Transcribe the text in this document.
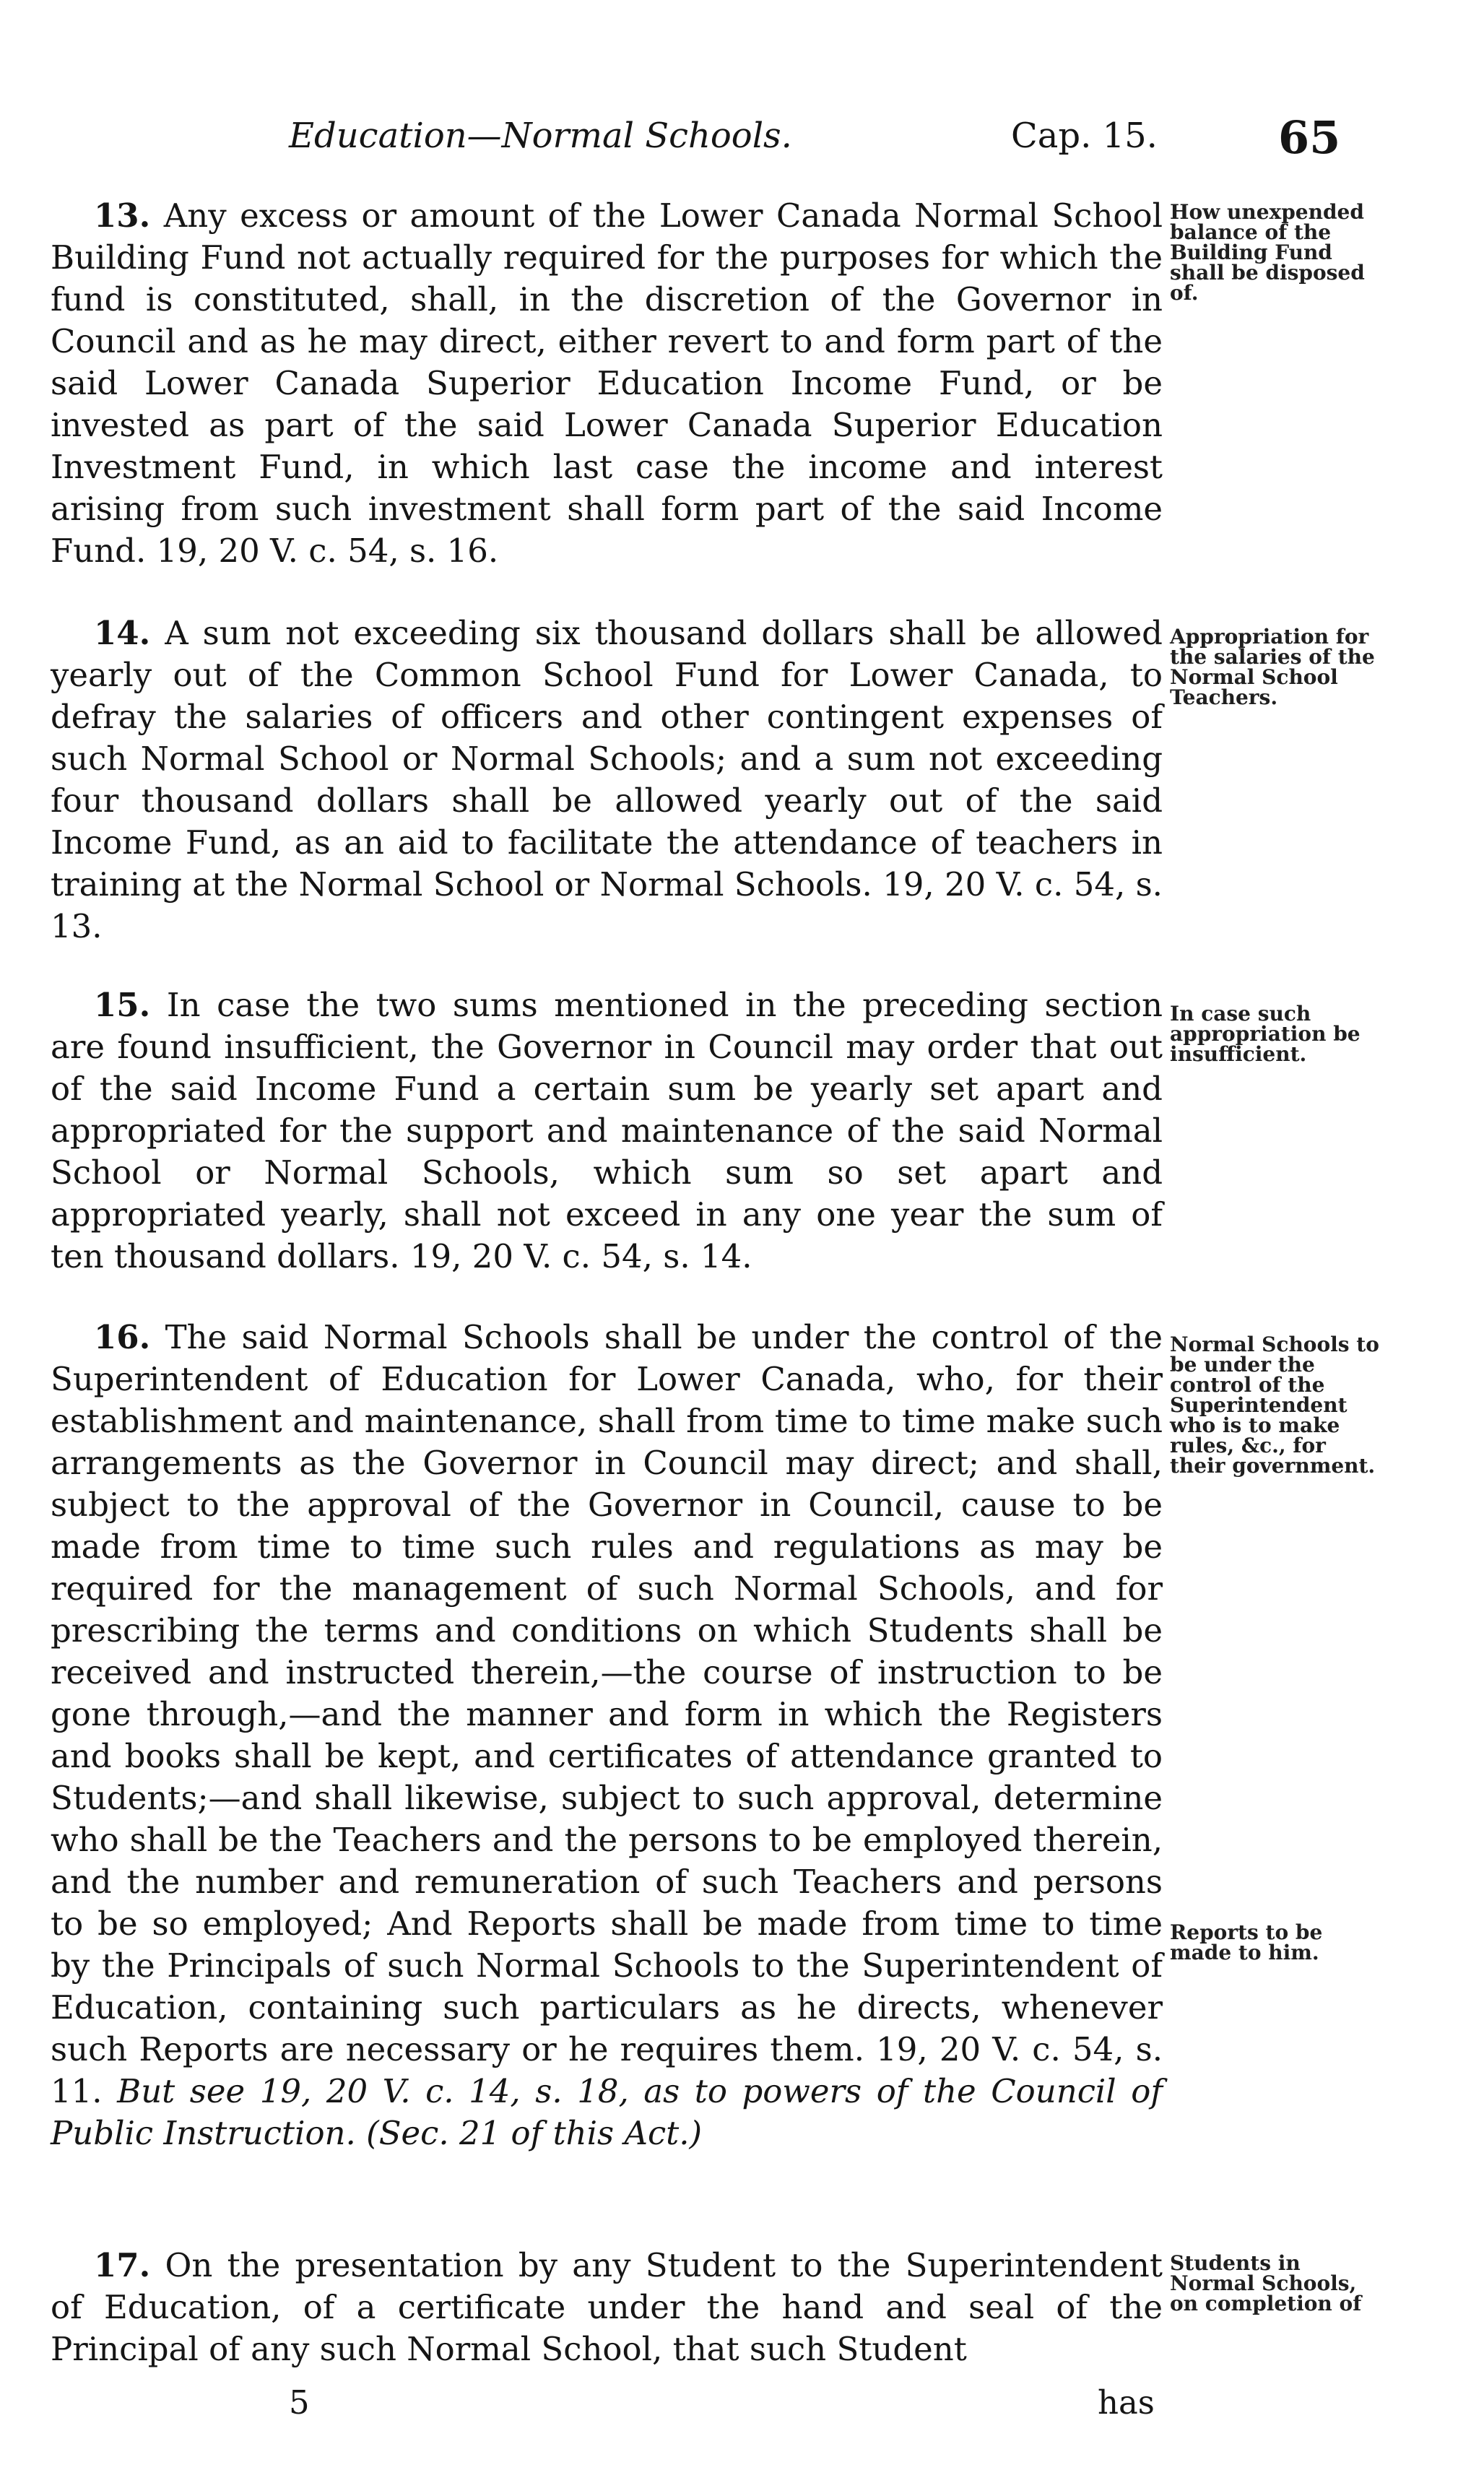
Education—Normal Schools.	Cap. 15.	65

13. Any excess or amount of the Lower Canada Normal School Building Fund not actually required for the purposes for which the fund is constituted, shall, in the discretion of the Governor in Council and as he may direct, either revert to and form part of the said Lower Canada Superior Education Income Fund, or be invested as part of the said Lower Canada Superior Education Investment Fund, in which last case the income and interest arising from such investment shall form part of the said Income Fund. 19, 20 V. c. 54, s. 16.

How unexpended balance of the Building Fund shall be disposed of.

14. A sum not exceeding six thousand dollars shall be allowed yearly out of the Common School Fund for Lower Canada, to defray the salaries of officers and other contingent expenses of such Normal School or Normal Schools; and a sum not exceeding four thousand dollars shall be allowed yearly out of the said Income Fund, as an aid to facilitate the attendance of teachers in training at the Normal School or Normal Schools. 19, 20 V. c. 54, s. 13.

Appropriation for the salaries of the Normal School Teachers.

15. In case the two sums mentioned in the preceding section are found insufficient, the Governor in Council may order that out of the said Income Fund a certain sum be yearly set apart and appropriated for the support and maintenance of the said Normal School or Normal Schools, which sum so set apart and appropriated yearly, shall not exceed in any one year the sum of ten thousand dollars. 19, 20 V. c. 54, s. 14.

In case such appropriation be insufficient.

16. The said Normal Schools shall be under the control of the Superintendent of Education for Lower Canada, who, for their establishment and maintenance, shall from time to time make such arrangements as the Governor in Council may direct; and shall, subject to the approval of the Governor in Council, cause to be made from time to time such rules and regulations as may be required for the management of such Normal Schools, and for prescribing the terms and conditions on which Students shall be received and instructed therein,—the course of instruction to be gone through,—and the manner and form in which the Registers and books shall be kept, and certificates of attendance granted to Students;—and shall likewise, subject to such approval, determine who shall be the Teachers and the persons to be employed therein, and the number and remuneration of such Teachers and persons to be so employed; And Reports shall be made from time to time by the Principals of such Normal Schools to the Superintendent of Education, containing such particulars as he directs, whenever such Reports are necessary or he requires them. 19, 20 V. c. 54, s. 11. But see 19, 20 V. c. 14, s. 18, as to powers of the Council of Public Instruction. (Sec. 21 of this Act.)

Normal Schools to be under the control of the Superintendent who is to make rules, &c., for their government.
Reports to be made to him.

17. On the presentation by any Student to the Superintendent of Education, of a certificate under the hand and seal of the Principal of any such Normal School, that such Student

Students in Normal Schools, on completion of
5	has
